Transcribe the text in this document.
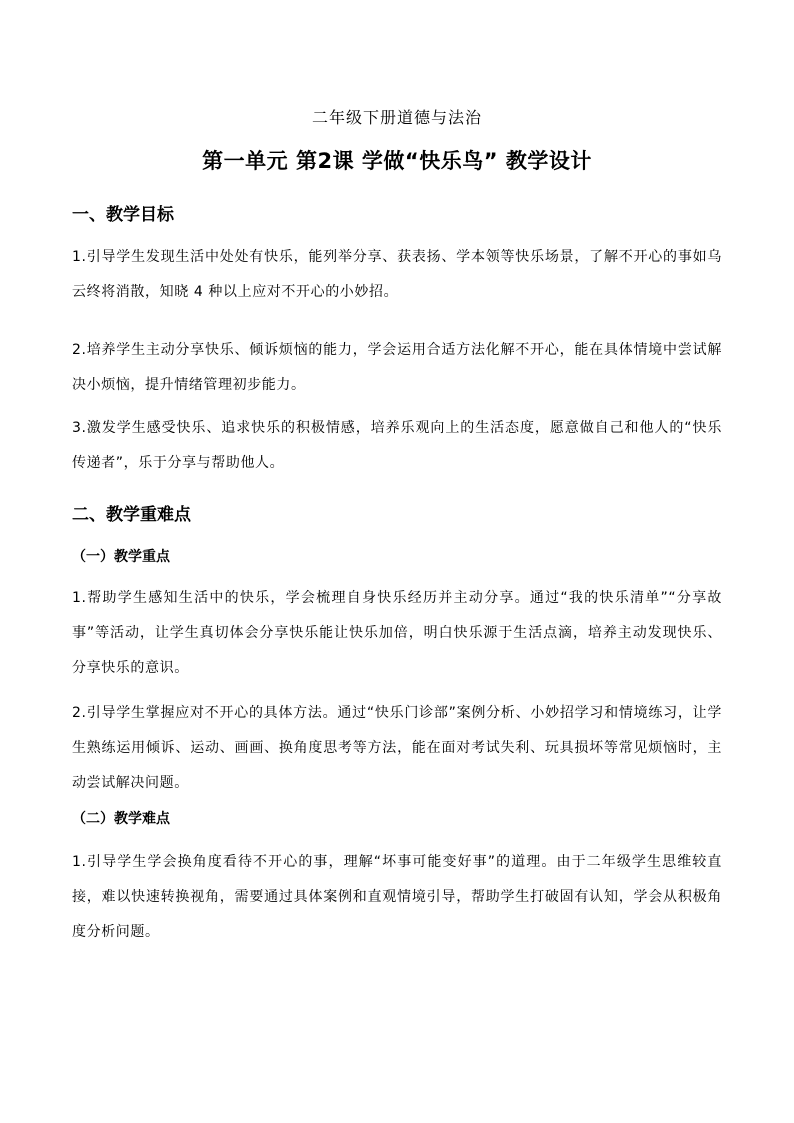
二年级下册道德与法治
第一单元 第2课 学做“快乐鸟” 教学设计
一、教学目标

1.引导学生发现生活中处处有快乐，能列举分享、获表扬、学本领等快乐场景，了解不开心的事如乌云终将消散，知晓 4 种以上应对不开心的小妙招。

2.培养学生主动分享快乐、倾诉烦恼的能力，学会运用合适方法化解不开心，能在具体情境中尝试解决小烦恼，提升情绪管理初步能力。

3.激发学生感受快乐、追求快乐的积极情感，培养乐观向上的生活态度，愿意做自己和他人的“快乐传递者”，乐于分享与帮助他人。

二、教学重难点
（一）教学重点

1.帮助学生感知生活中的快乐，学会梳理自身快乐经历并主动分享。通过“我的快乐清单”“分享故事”等活动，让学生真切体会分享快乐能让快乐加倍，明白快乐源于生活点滴，培养主动发现快乐、分享快乐的意识。

2.引导学生掌握应对不开心的具体方法。通过“快乐门诊部”案例分析、小妙招学习和情境练习，让学生熟练运用倾诉、运动、画画、换角度思考等方法，能在面对考试失利、玩具损坏等常见烦恼时，主动尝试解决问题。

（二）教学难点

1.引导学生学会换角度看待不开心的事，理解“坏事可能变好事”的道理。由于二年级学生思维较直接，难以快速转换视角，需要通过具体案例和直观情境引导，帮助学生打破固有认知，学会从积极角度分析问题。
